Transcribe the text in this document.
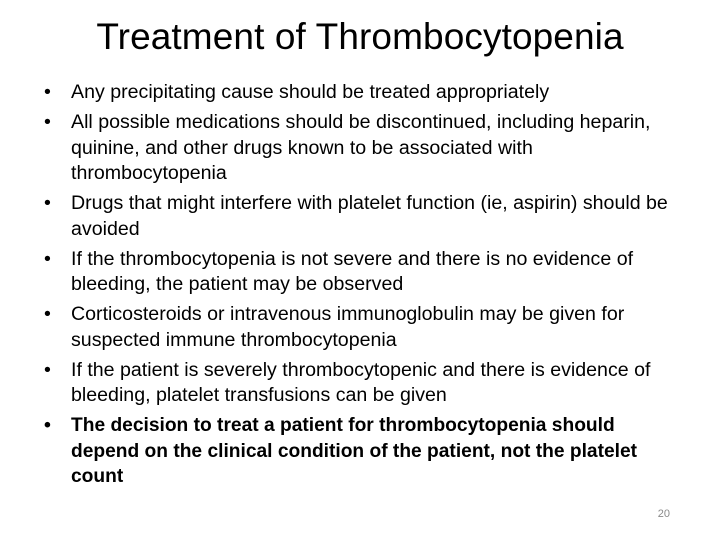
Treatment of Thrombocytopenia
•	Any precipitating cause should be treated appropriately
•	All possible medications should be discontinued, including heparin, quinine, and other drugs known to be associated with thrombocytopenia
•	Drugs that might interfere with platelet function (ie, aspirin) should be avoided
•	If the thrombocytopenia is not severe and there is no evidence of bleeding, the patient may be observed
•	Corticosteroids or intravenous immunoglobulin may be given for suspected immune thrombocytopenia
•	If the patient is severely thrombocytopenic and there is evidence of bleeding, platelet transfusions can be given
•	The decision to treat a patient for thrombocytopenia should depend on the clinical condition of the patient, not the platelet count
20
